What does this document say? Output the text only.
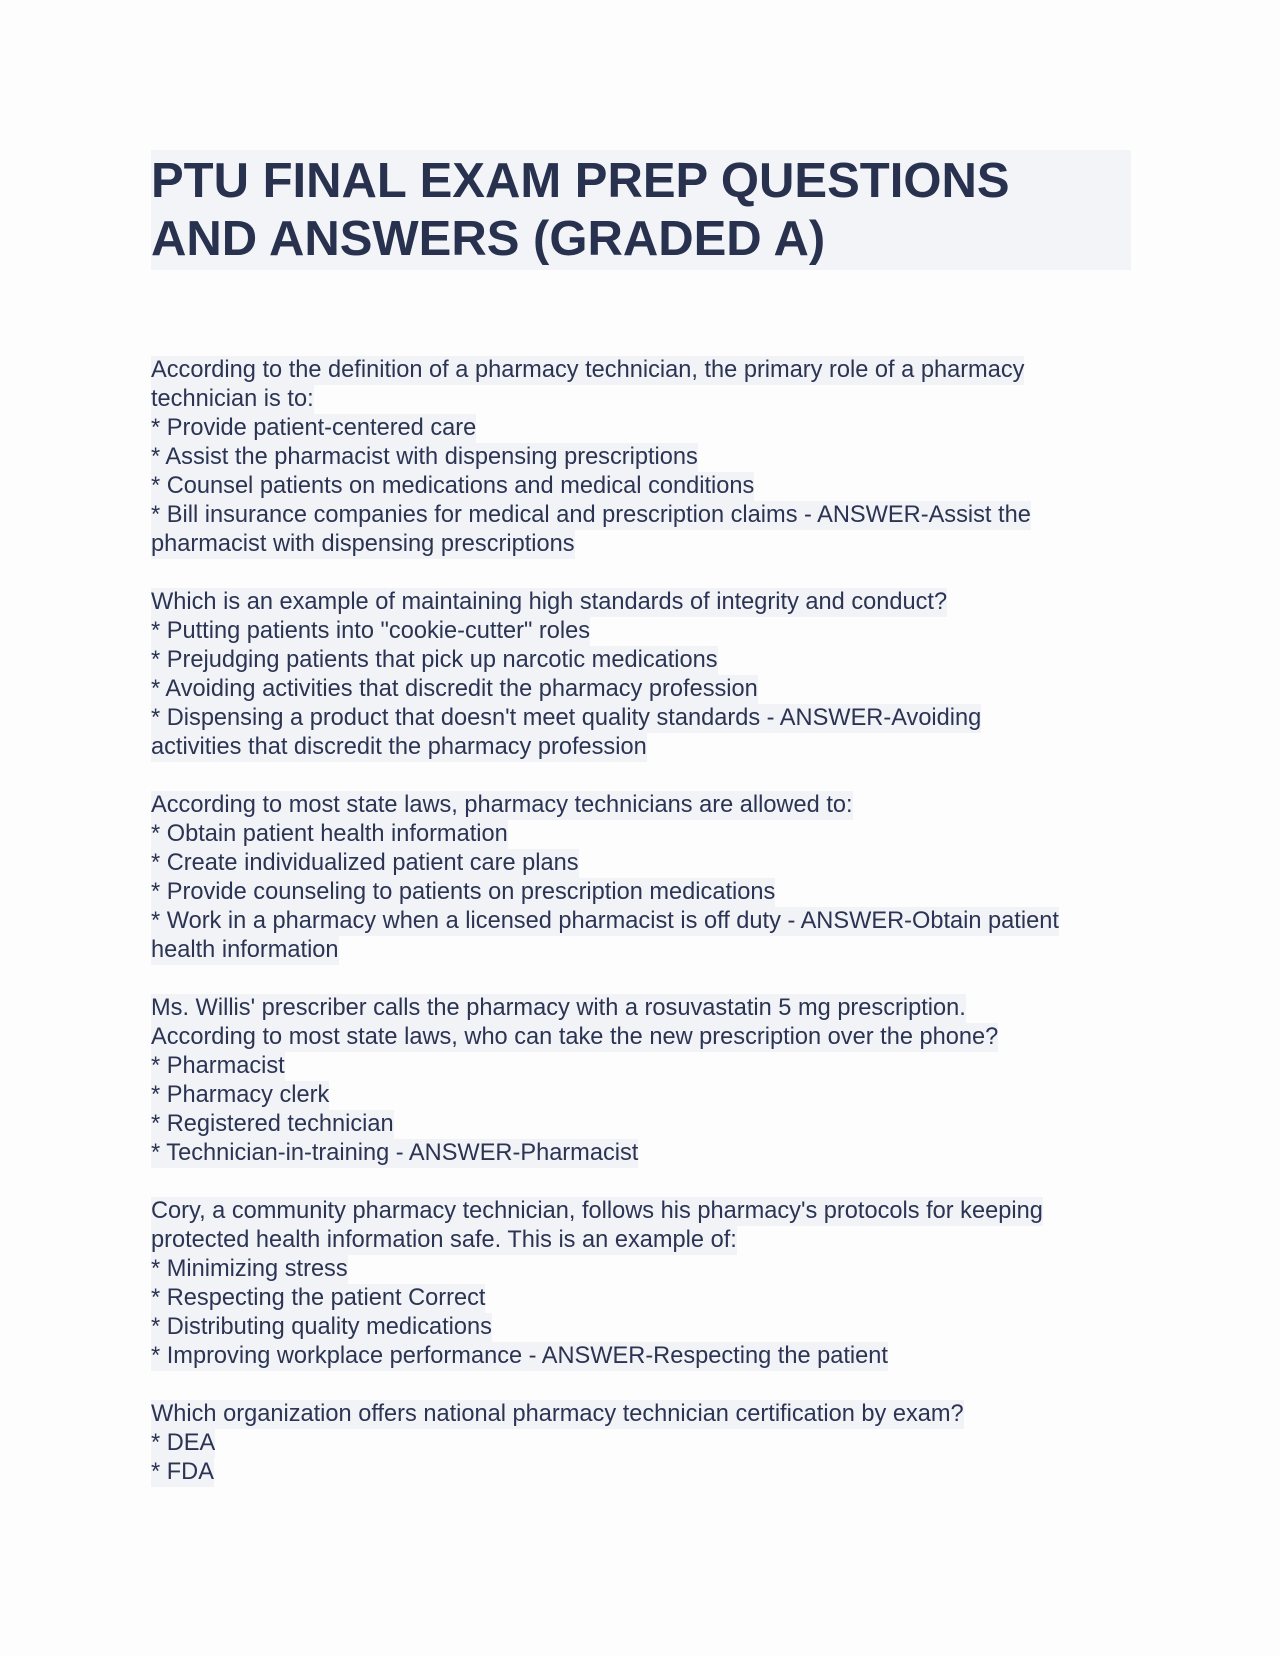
PTU FINAL EXAM PREP QUESTIONS
AND ANSWERS (GRADED A)
According to the definition of a pharmacy technician, the primary role of a pharmacy
technician is to:
* Provide patient-centered care
* Assist the pharmacist with dispensing prescriptions
* Counsel patients on medications and medical conditions
* Bill insurance companies for medical and prescription claims - ANSWER-Assist the
pharmacist with dispensing prescriptions
Which is an example of maintaining high standards of integrity and conduct?
* Putting patients into "cookie-cutter" roles
* Prejudging patients that pick up narcotic medications
* Avoiding activities that discredit the pharmacy profession
* Dispensing a product that doesn't meet quality standards - ANSWER-Avoiding
activities that discredit the pharmacy profession
According to most state laws, pharmacy technicians are allowed to:
* Obtain patient health information
* Create individualized patient care plans
* Provide counseling to patients on prescription medications
* Work in a pharmacy when a licensed pharmacist is off duty - ANSWER-Obtain patient
health information
Ms. Willis' prescriber calls the pharmacy with a rosuvastatin 5 mg prescription.
According to most state laws, who can take the new prescription over the phone?
* Pharmacist
* Pharmacy clerk
* Registered technician
* Technician-in-training - ANSWER-Pharmacist
Cory, a community pharmacy technician, follows his pharmacy's protocols for keeping
protected health information safe. This is an example of:
* Minimizing stress
* Respecting the patient Correct
* Distributing quality medications
* Improving workplace performance - ANSWER-Respecting the patient
Which organization offers national pharmacy technician certification by exam?
* DEA
* FDA
